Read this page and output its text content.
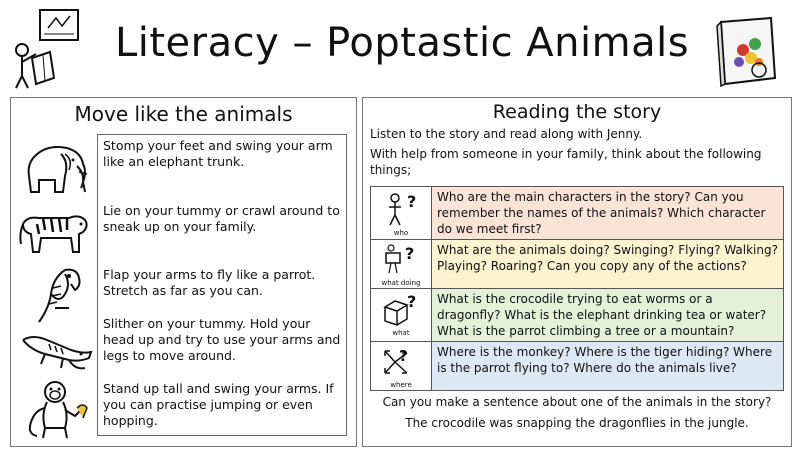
Literacy – Poptastic Animals
Move like the animals
Stomp your feet and swing your arm like an elephant trunk.
Lie on your tummy or crawl around to sneak up on your family.
Flap your arms to fly like a parrot. Stretch as far as you can.
Slither on your tummy. Hold your head up and try to use your arms and legs to move around.
Stand up tall and swing your arms. If you can practise jumping or even hopping.
Reading the story
Listen to the story and read along with Jenny.
With help from someone in your family, think about the following things;
?
who	Who are the main characters in the story? Can you remember the names of the animals? Which character do we meet first?

?
what doing	What are the animals doing? Swinging? Flying? Walking? Playing? Roaring? Can you copy any of the actions?

?
what	What is the crocodile trying to eat worms or a dragonfly? What is the elephant drinking tea or water? What is the parrot climbing a tree or a mountain?

?
where	Where is the monkey? Where is the tiger hiding? Where is the parrot flying to? Where do the animals live?
Can you make a sentence about one of the animals in the story?
The crocodile was snapping the dragonflies in the jungle.
